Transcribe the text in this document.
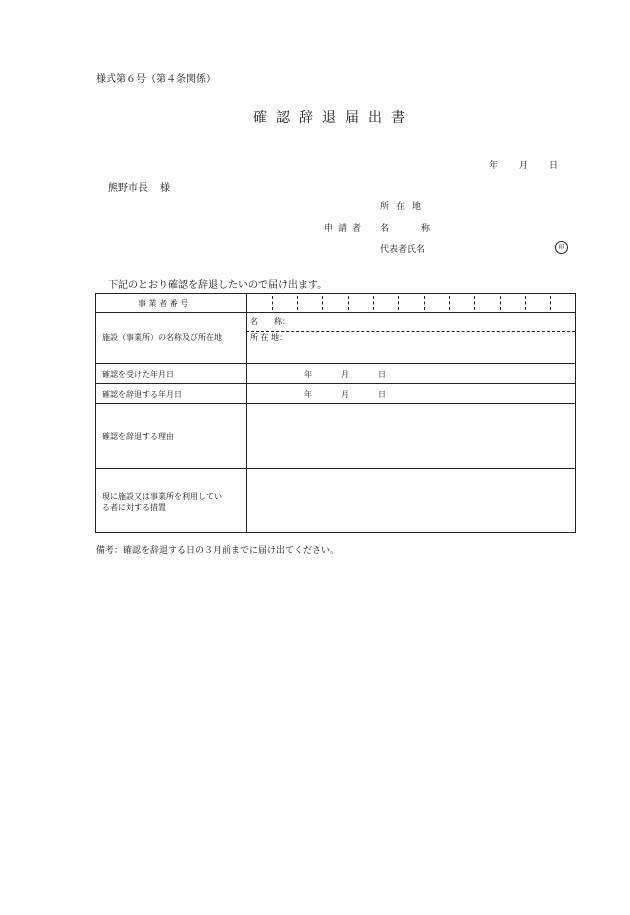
様式第６号（第４条関係）
確認辞退届出書
年 月 日
熊野市長 様
所在地
申請者 名	称
代表者氏名	印
下記のとおり確認を辞退したいので届け出ます。
事 業 者 番 号
施設（事業所）の名称及び所在地
名　　称：
所 在 地：
確認を受けた年月日	年	月	日
確認を辞退する年月日	年	月	日
確認を辞退する理由
現に施設又は事業所を利用してい
る者に対する措置
備考：確認を辞退する日の３月前までに届け出てください。
